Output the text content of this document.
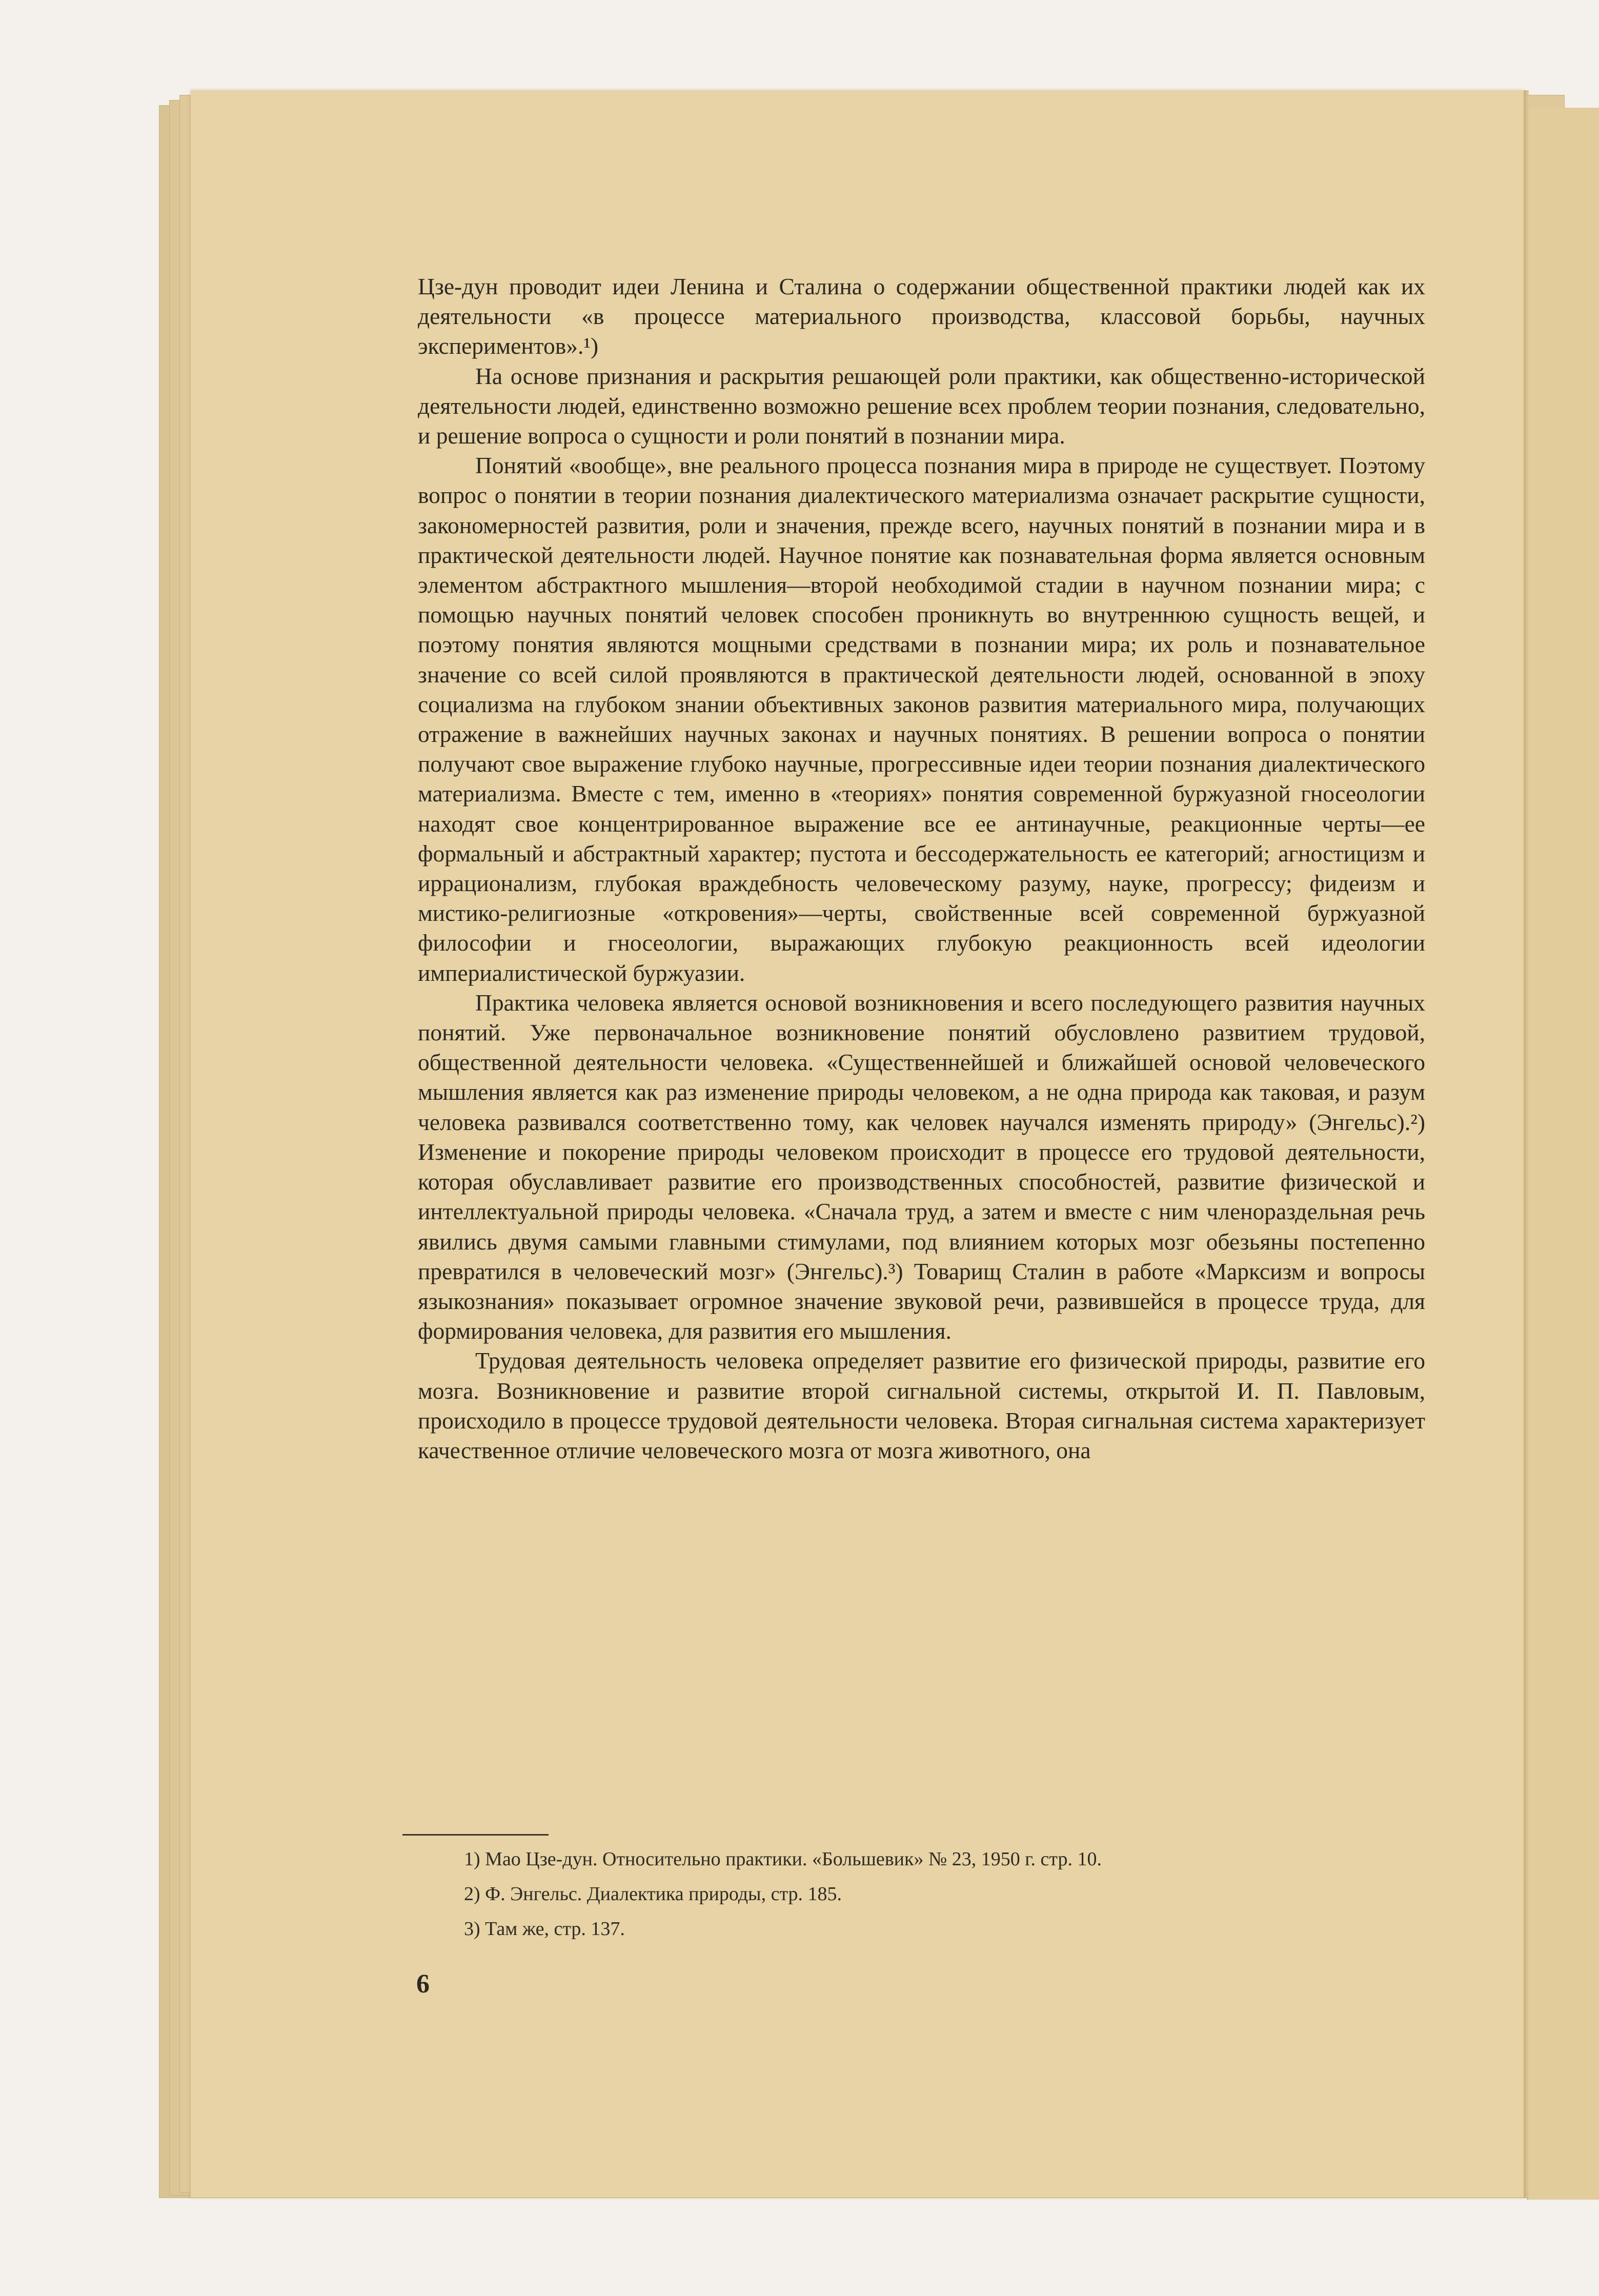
Цзе-дун проводит идеи Ленина и Сталина о содержании общественной практики людей как их деятельности «в процессе материального производства, классовой борьбы, научных экспериментов».¹)

На основе признания и раскрытия решающей роли практики, как общественно-исторической деятельности людей, единственно возможно решение всех проблем теории познания, следовательно, и решение вопроса о сущности и роли понятий в познании мира.

Понятий «вообще», вне реального процесса познания мира в природе не существует. Поэтому вопрос о понятии в теории познания диалектического материализма означает раскрытие сущности, закономерностей развития, роли и значения, прежде всего, научных понятий в познании мира и в практической деятельности людей. Научное понятие как познавательная форма является основным элементом абстрактного мышления—второй необходимой стадии в научном познании мира; с помощью научных понятий человек способен проникнуть во внутреннюю сущность вещей, и поэтому понятия являются мощными средствами в познании мира; их роль и познавательное значение со всей силой проявляются в практической деятельности людей, основанной в эпоху социализма на глубоком знании объективных законов развития материального мира, получающих отражение в важнейших научных законах и научных понятиях. В решении вопроса о понятии получают свое выражение глубоко научные, прогрессивные идеи теории познания диалектического материализма. Вместе с тем, именно в «теориях» понятия современной буржуазной гносеологии находят свое концентрированное выражение все ее антинаучные, реакционные черты—ее формальный и абстрактный характер; пустота и бессодержательность ее категорий; агностицизм и иррационализм, глубокая враждебность человеческому разуму, науке, прогрессу; фидеизм и мистико-религиозные «откровения»—черты, свойственные всей современной буржуазной философии и гносеологии, выражающих глубокую реакционность всей идеологии империалистической буржуазии.

Практика человека является основой возникновения и всего последующего развития научных понятий. Уже первоначальное возникновение понятий обусловлено развитием трудовой, общественной деятельности человека. «Существеннейшей и ближайшей основой человеческого мышления является как раз изменение природы человеком, а не одна природа как таковая, и разум человека развивался соответственно тому, как человек научался изменять природу» (Энгельс).²) Изменение и покорение природы человеком происходит в процессе его трудовой деятельности, которая обуславливает развитие его производственных способностей, развитие физической и интеллектуальной природы человека. «Сначала труд, а затем и вместе с ним членораздельная речь явились двумя самыми главными стимулами, под влиянием которых мозг обезьяны постепенно превратился в человеческий мозг» (Энгельс).³) Товарищ Сталин в работе «Марксизм и вопросы языкознания» показывает огромное значение звуковой речи, развившейся в процессе труда, для формирования человека, для развития его мышления.

Трудовая деятельность человека определяет развитие его физической природы, развитие его мозга. Возникновение и развитие второй сигнальной системы, открытой И. П. Павловым, происходило в процессе трудовой деятельности человека. Вторая сигнальная система характеризует качественное отличие человеческого мозга от мозга животного, она

1) Мао Цзе-дун. Относительно практики. «Большевик» № 23, 1950 г. стр. 10.
2) Ф. Энгельс. Диалектика природы, стр. 185.
3) Там же, стр. 137.
6
